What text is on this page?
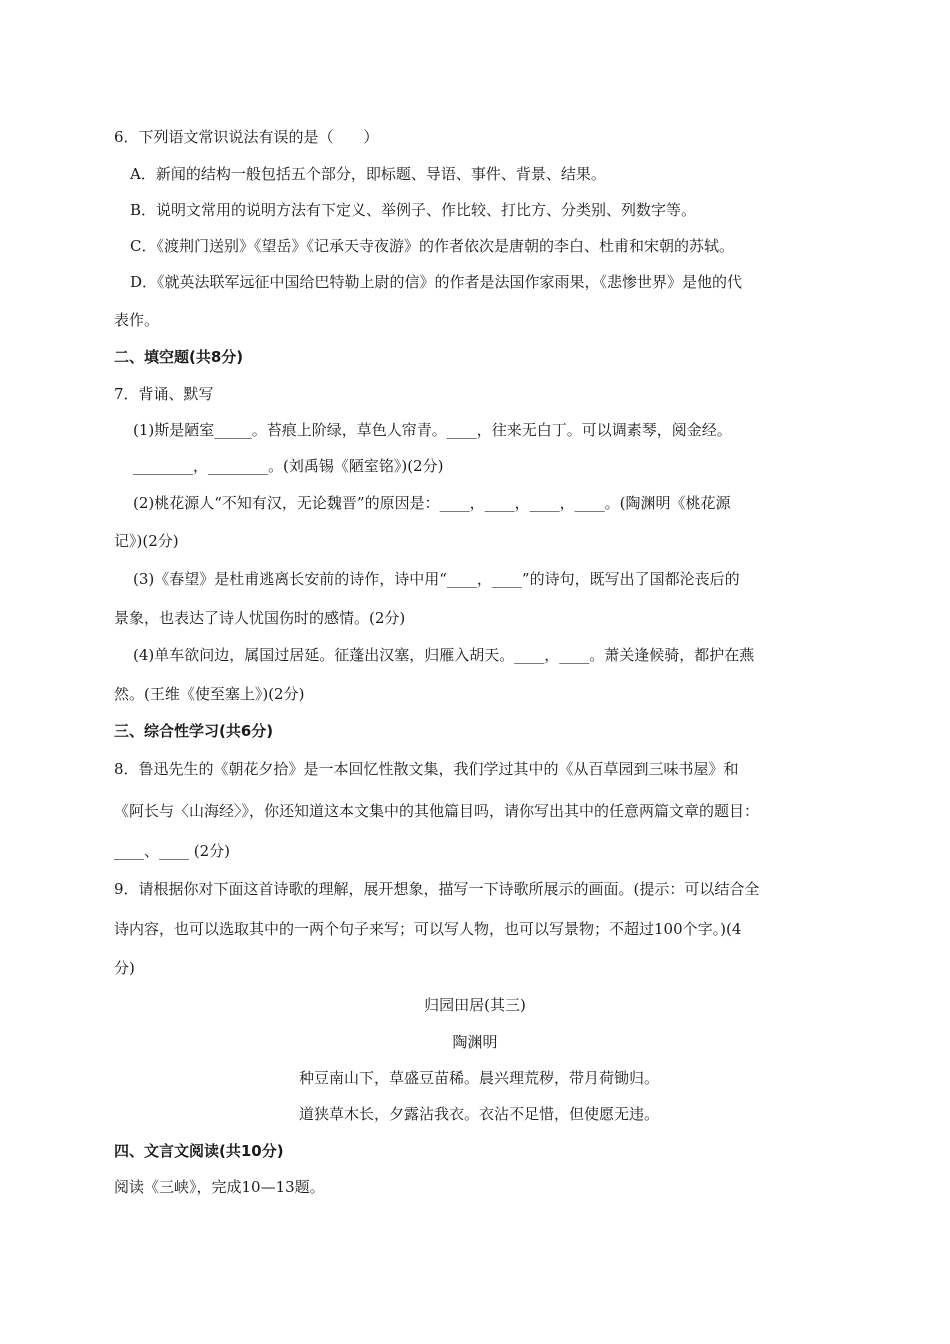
6．下列语文常识说法有误的是（　　）
A．新闻的结构一般包括五个部分，即标题、导语、事件、背景、结果。
B．说明文常用的说明方法有下定义、举例子、作比较、打比方、分类别、列数字等。
C．《渡荆门送别》《望岳》《记承天寺夜游》的作者依次是唐朝的李白、杜甫和宋朝的苏轼。
D．《就英法联军远征中国给巴特勒上尉的信》的作者是法国作家雨果，《悲惨世界》是他的代
表作。
二、填空题(共8分)
7．背诵、默写
(1)斯是陋室_____。苔痕上阶绿，草色人帘青。____，往来无白丁。可以调素琴，阅金经。
________，________。(刘禹锡《陋室铭》)(2分)
(2)桃花源人“不知有汉，无论魏晋”的原因是：____，____，____，____。(陶渊明《桃花源
记》)(2分)
(3)《春望》是杜甫逃离长安前的诗作，诗中用“____，____”的诗句，既写出了国都沦丧后的
景象，也表达了诗人忧国伤时的感情。(2分)
(4)单车欲问边，属国过居延。征蓬出汉塞，归雁入胡天。____，____。萧关逢候骑，都护在燕
然。(王维《使至塞上》)(2分)
三、综合性学习(共6分)
8．鲁迅先生的《朝花夕拾》是一本回忆性散文集，我们学过其中的《从百草园到三味书屋》和
《阿长与〈山海经〉》，你还知道这本文集中的其他篇目吗，请你写出其中的任意两篇文章的题目：
____、____ (2分)
9．请根据你对下面这首诗歌的理解，展开想象，描写一下诗歌所展示的画面。(提示：可以结合全
诗内容，也可以选取其中的一两个句子来写；可以写人物，也可以写景物；不超过100个字。)(4
分)
归园田居(其三)
陶渊明
种豆南山下，草盛豆苗稀。晨兴理荒秽，带月荷锄归。
道狭草木长，夕露沾我衣。衣沾不足惜，但使愿无违。
四、文言文阅读(共10分)
阅读《三峡》，完成10—13题。
